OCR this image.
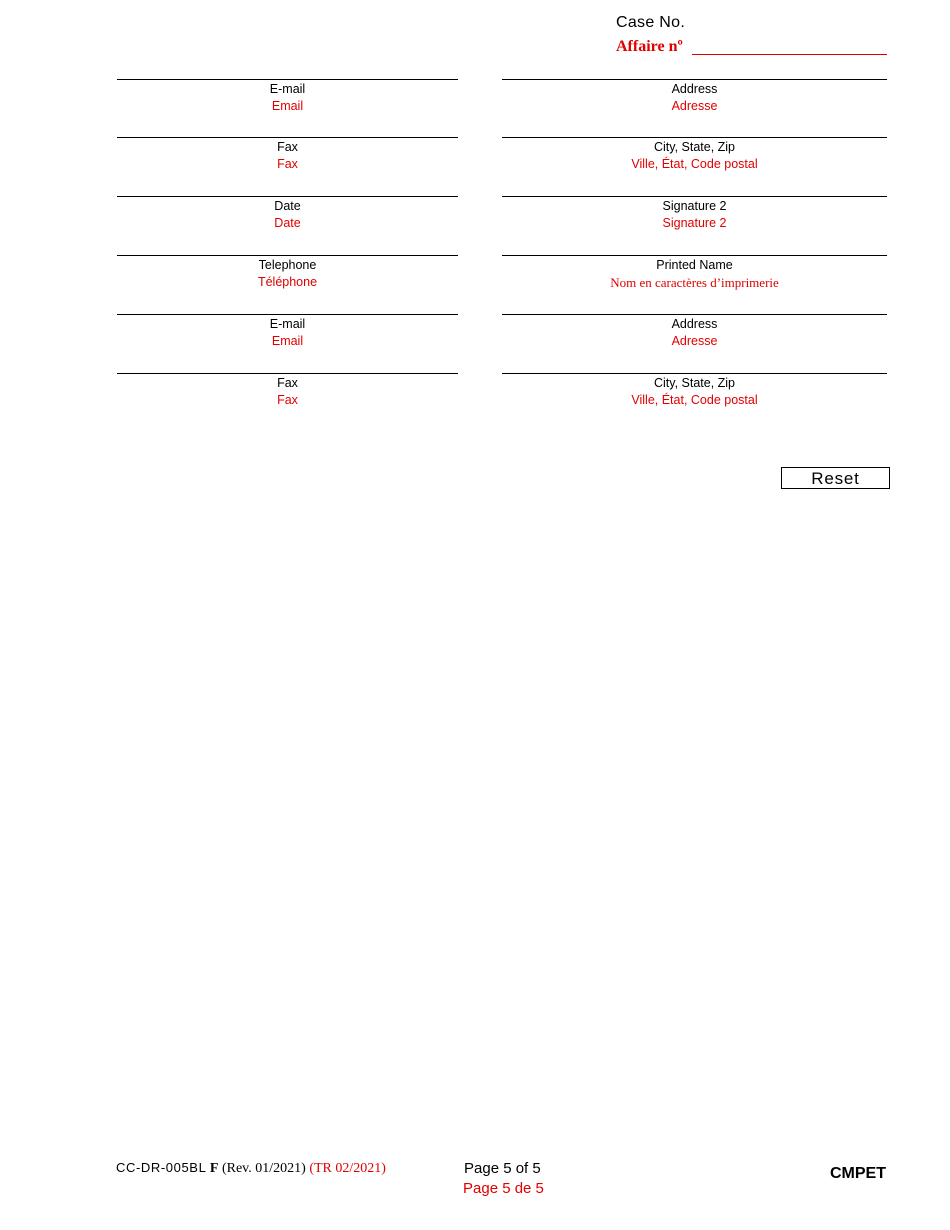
Case No.
Affaire nº
E-mail
Email
Fax
Fax
Date
Date
Telephone
Téléphone
E-mail
Email
Fax
Fax
Address
Adresse
City, State, Zip
Ville, État, Code postal
Signature 2
Signature 2
Printed Name
Nom en caractères d’imprimerie
Address
Adresse
City, State, Zip
Ville, État, Code postal
Reset
CC-DR-005BL F (Rev. 01/2021) (TR 02/2021)	Page 5 of 5
Page 5 de 5
CMPET
